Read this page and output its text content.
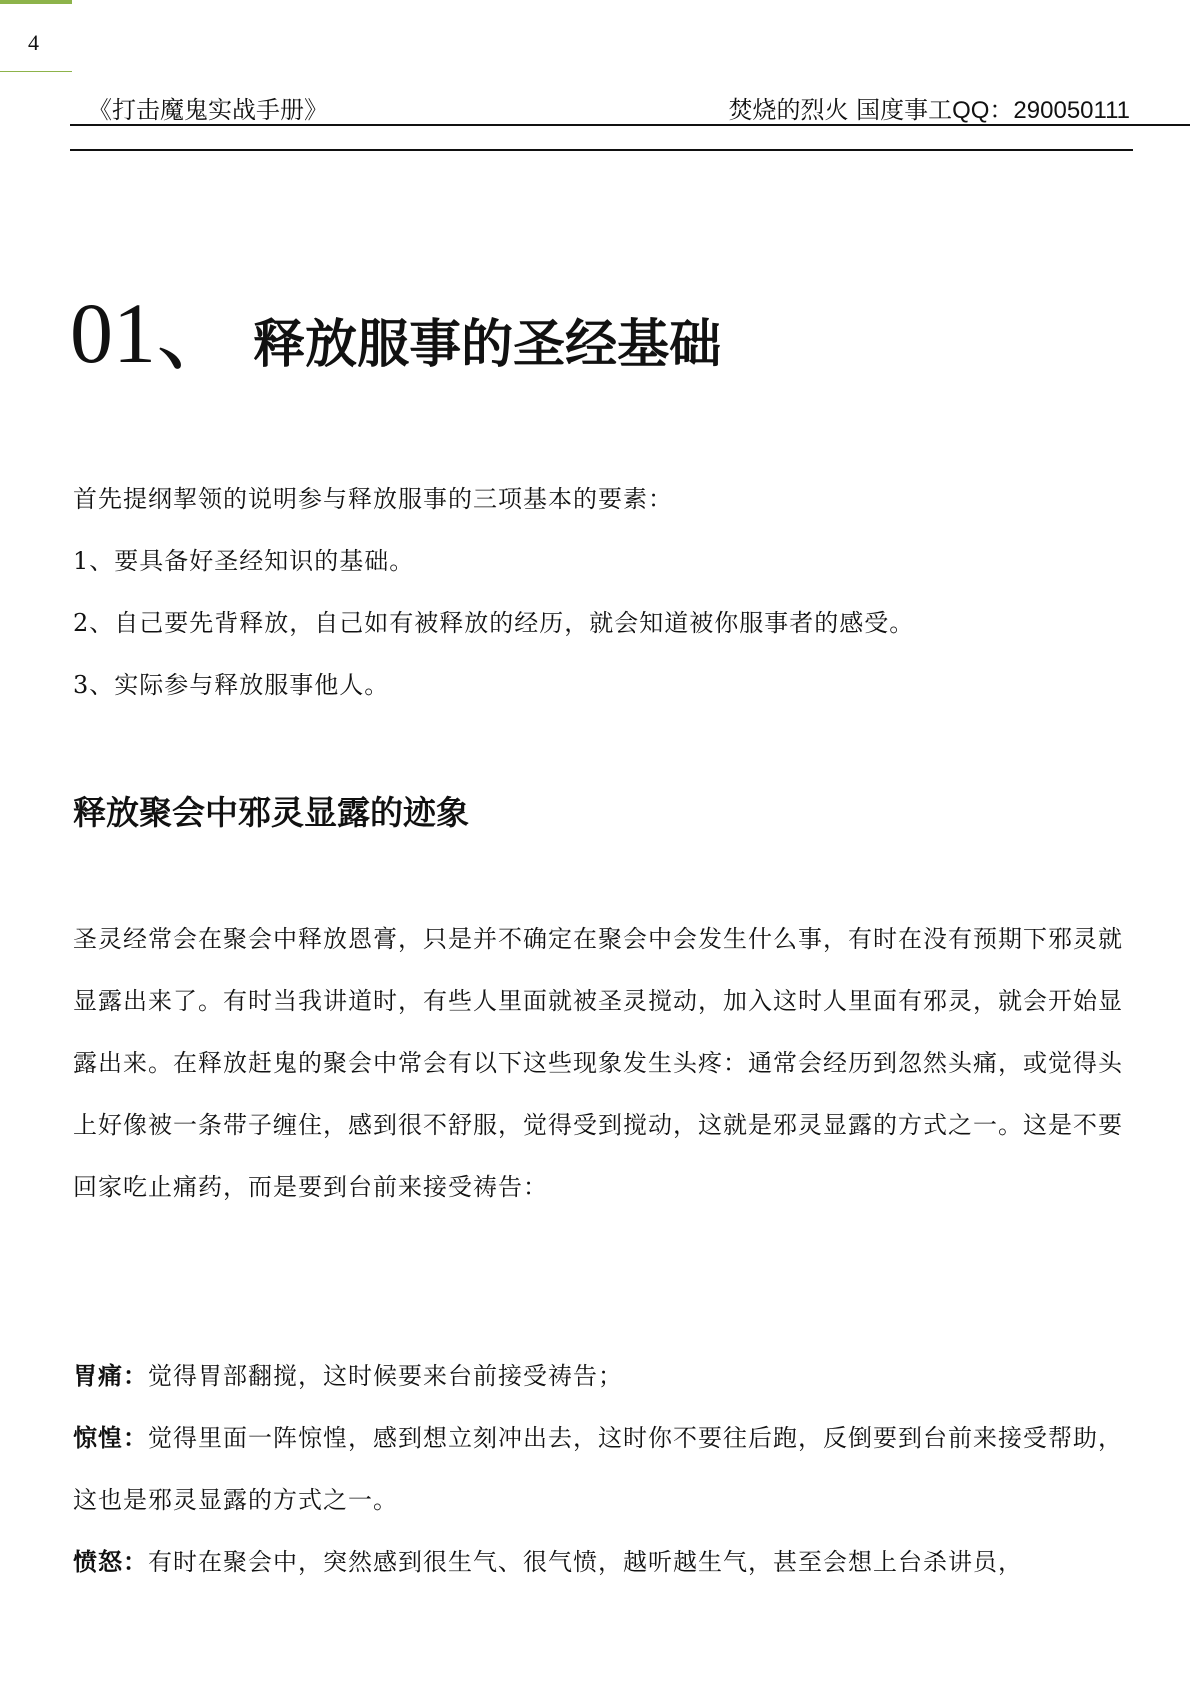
4
《打击魔鬼实战手册》	焚烧的烈火 国度事工QQ：290050111
01、 释放服事的圣经基础
首先提纲挈领的说明参与释放服事的三项基本的要素：
1、要具备好圣经知识的基础。
2、自己要先背释放，自己如有被释放的经历，就会知道被你服事者的感受。
3、实际参与释放服事他人。
释放聚会中邪灵显露的迹象
圣灵经常会在聚会中释放恩膏，只是并不确定在聚会中会发生什么事，有时在没有预期下邪灵就显露出来了。有时当我讲道时，有些人里面就被圣灵搅动，加入这时人里面有邪灵，就会开始显露出来。在释放赶鬼的聚会中常会有以下这些现象发生头疼：通常会经历到忽然头痛，或觉得头上好像被一条带子缠住，感到很不舒服，觉得受到搅动，这就是邪灵显露的方式之一。这是不要回家吃止痛药，而是要到台前来接受祷告：
胃痛：觉得胃部翻搅，这时候要来台前接受祷告；
惊惶：觉得里面一阵惊惶，感到想立刻冲出去，这时你不要往后跑，反倒要到台前来接受帮助，这也是邪灵显露的方式之一。
愤怒：有时在聚会中，突然感到很生气、很气愤，越听越生气，甚至会想上台杀讲员，
